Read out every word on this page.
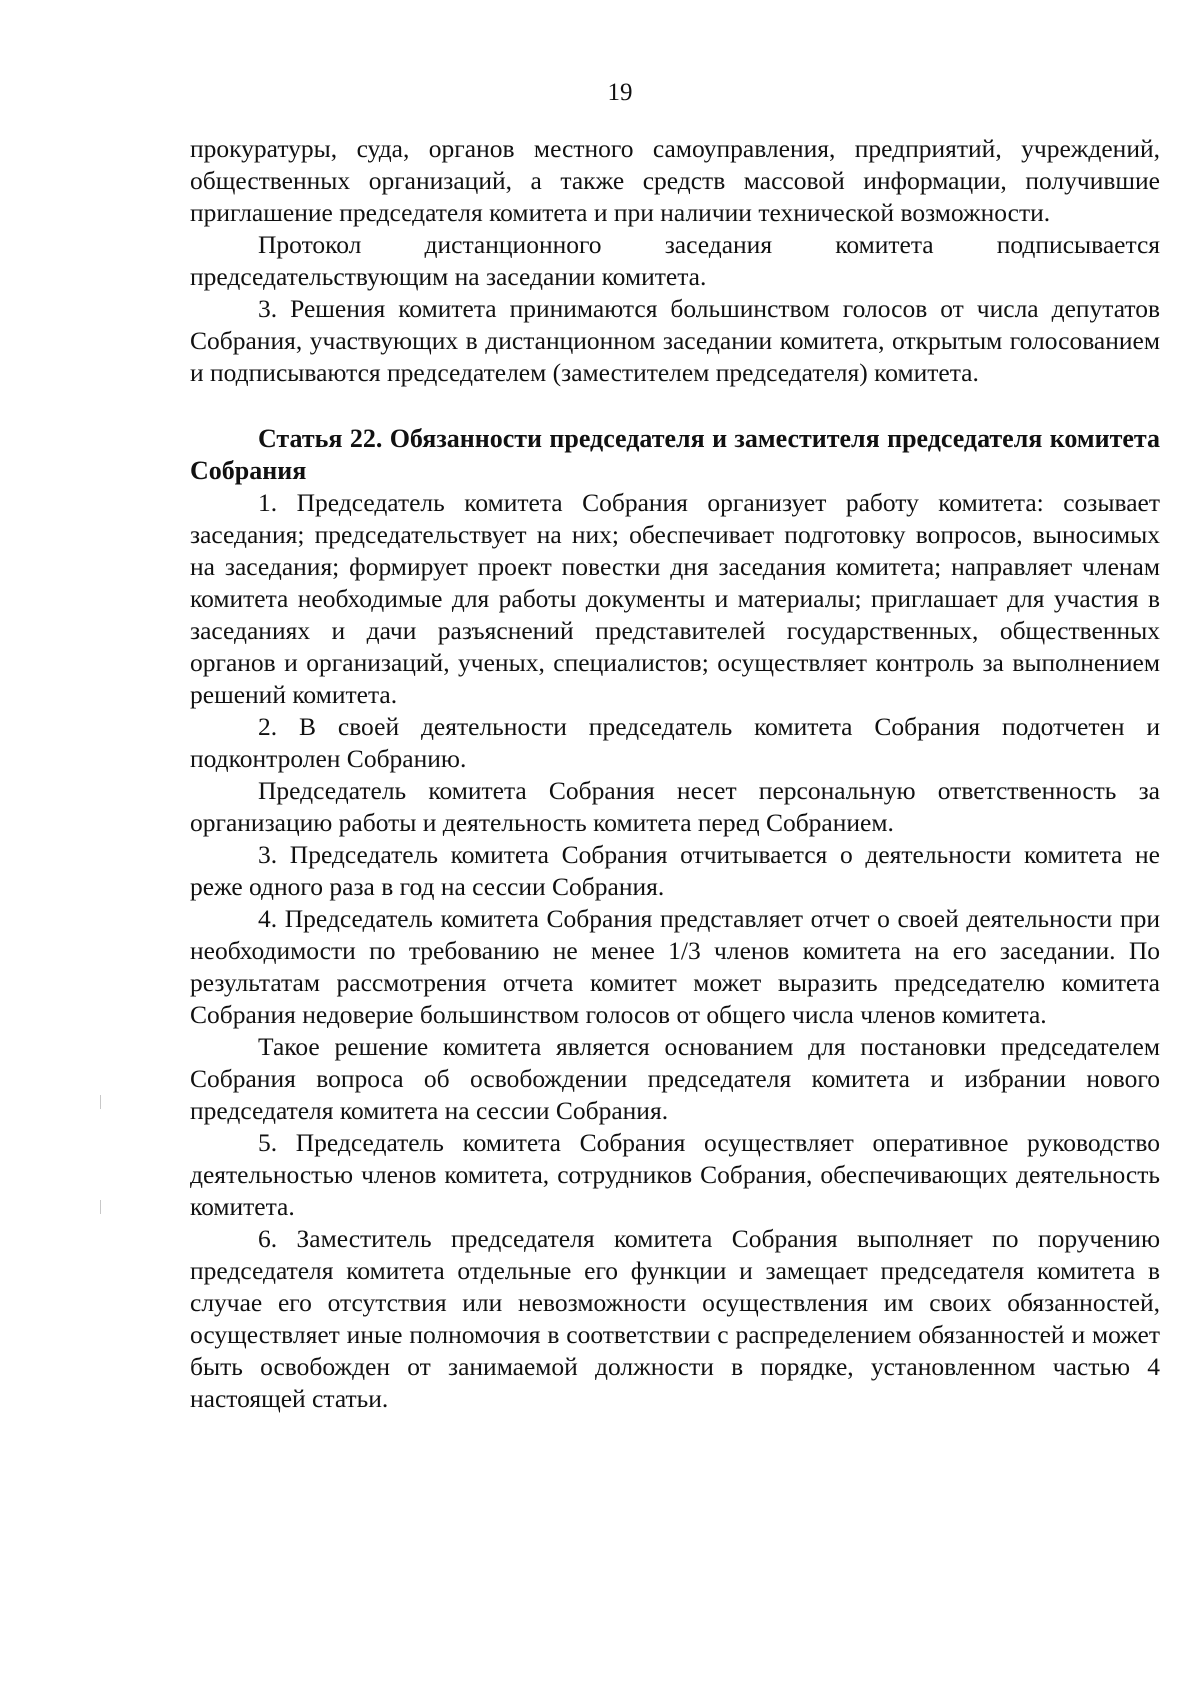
19

прокуратуры, суда, органов местного самоуправления, предприятий, учреждений, общественных организаций, а также средств массовой информации, получившие приглашение председателя комитета и при наличии технической возможности.

Протокол дистанционного заседания комитета подписывается председательствующим на заседании комитета.

3. Решения комитета принимаются большинством голосов от числа депутатов Собрания, участвующих в дистанционном заседании комитета, открытым голосованием и подписываются председателем (заместителем председателя) комитета.

Статья 22. Обязанности председателя и заместителя председателя комитета Собрания

1. Председатель комитета Собрания организует работу комитета: созывает заседания; председательствует на них; обеспечивает подготовку вопросов, выносимых на заседания; формирует проект повестки дня заседания комитета; направляет членам комитета необходимые для работы документы и материалы; приглашает для участия в заседаниях и дачи разъяснений представителей государственных, общественных органов и организаций, ученых, специалистов; осуществляет контроль за выполнением решений комитета.

2. В своей деятельности председатель комитета Собрания подотчетен и подконтролен Собранию.

Председатель комитета Собрания несет персональную ответственность за организацию работы и деятельность комитета перед Собранием.

3. Председатель комитета Собрания отчитывается о деятельности комитета не реже одного раза в год на сессии Собрания.

4. Председатель комитета Собрания представляет отчет о своей деятельности при необходимости по требованию не менее 1/3 членов комитета на его заседании. По результатам рассмотрения отчета комитет может выразить председателю комитета Собрания недоверие большинством голосов от общего числа членов комитета.

Такое решение комитета является основанием для постановки председателем Собрания вопроса об освобождении председателя комитета и избрании нового председателя комитета на сессии Собрания.

5. Председатель комитета Собрания осуществляет оперативное руководство деятельностью членов комитета, сотрудников Собрания, обеспечивающих деятельность комитета.

6. Заместитель председателя комитета Собрания выполняет по поручению председателя комитета отдельные его функции и замещает председателя комитета в случае его отсутствия или невозможности осуществления им своих обязанностей, осуществляет иные полномочия в соответствии с распределением обязанностей и может быть освобожден от занимаемой должности в порядке, установленном частью 4 настоящей статьи.
